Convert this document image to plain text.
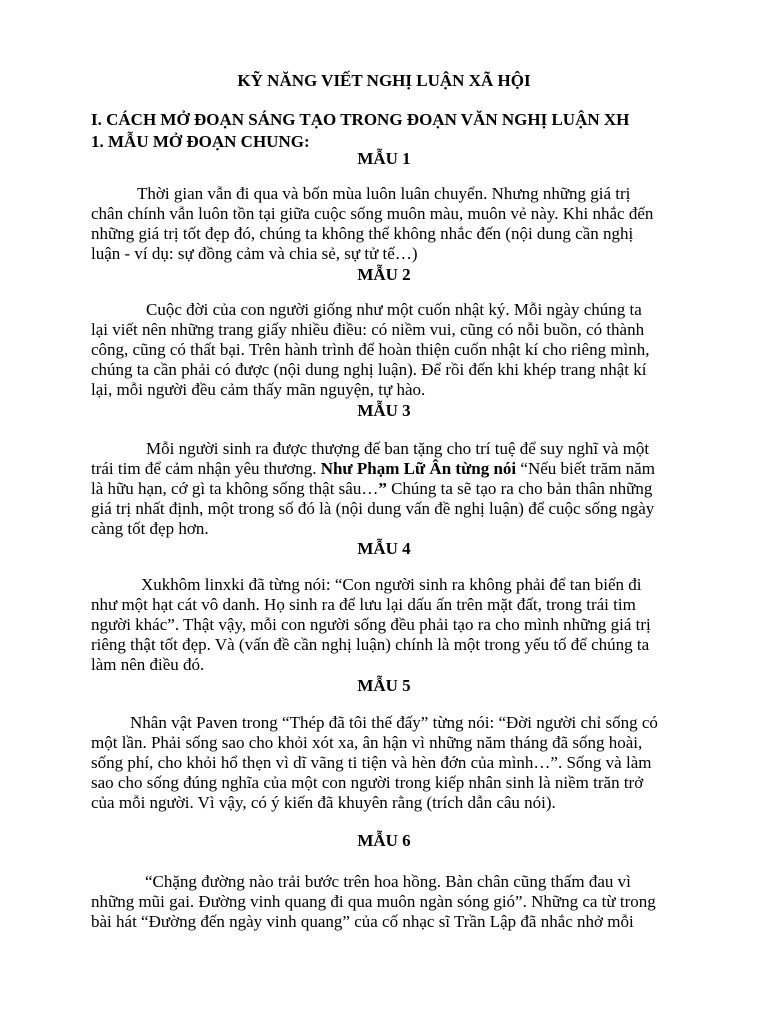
KỸ NĂNG VIẾT NGHỊ LUẬN XÃ HỘI
I. CÁCH MỞ ĐOẠN SÁNG TẠO TRONG ĐOẠN VĂN NGHỊ LUẬN XH
1. MẪU MỞ ĐOẠN CHUNG:
MẪU 1
Thời gian vẫn đi qua và bốn mùa luôn luân chuyển. Nhưng những giá trị
chân chính vẫn luôn tồn tại giữa cuộc sống muôn màu, muôn vẻ này. Khi nhắc đến
những giá trị tốt đẹp đó, chúng ta không thể không nhắc đến (nội dung cần nghị
luận - ví dụ: sự đồng cảm và chia sẻ, sự tử tế…)
MẪU 2
Cuộc đời của con người giống như một cuốn nhật ký. Mỗi ngày chúng ta
lại viết nên những trang giấy nhiều điều: có niềm vui, cũng có nỗi buồn, có thành
công, cũng có thất bại. Trên hành trình để hoàn thiện cuốn nhật kí cho riêng mình,
chúng ta cần phải có được (nội dung nghị luận). Để rồi đến khi khép trang nhật kí
lại, mỗi người đều cảm thấy mãn nguyện, tự hào.
MẪU 3
Mỗi người sinh ra được thượng đế ban tặng cho trí tuệ để suy nghĩ và một
trái tim để cảm nhận yêu thương. Như Phạm Lữ Ân từng nói “Nếu biết trăm năm
là hữu hạn, cớ gì ta không sống thật sâu…” Chúng ta sẽ tạo ra cho bản thân những
giá trị nhất định, một trong số đó là (nội dung vấn đề nghị luận) để cuộc sống ngày
càng tốt đẹp hơn.
MẪU 4
Xukhôm linxki đã từng nói: “Con người sinh ra không phải để tan biến đi
như một hạt cát vô danh. Họ sinh ra để lưu lại dấu ấn trên mặt đất, trong trái tim
người khác”. Thật vậy, mỗi con người sống đều phải tạo ra cho mình những giá trị
riêng thật tốt đẹp. Và (vấn đề cần nghị luận) chính là một trong yếu tố để chúng ta
làm nên điều đó.
MẪU 5
Nhân vật Paven trong “Thép đã tôi thế đấy” từng nói: “Đời người chỉ sống có
một lần. Phải sống sao cho khỏi xót xa, ân hận vì những năm tháng đã sống hoài,
sống phí, cho khỏi hổ thẹn vì dĩ vãng ti tiện và hèn đớn của mình…”. Sống và làm
sao cho sống đúng nghĩa của một con người trong kiếp nhân sinh là niềm trăn trở
của mỗi người. Vì vậy, có ý kiến đã khuyên rằng (trích dẫn câu nói).
MẪU 6
“Chặng đường nào trải bước trên hoa hồng. Bàn chân cũng thấm đau vì
những mũi gai. Đường vinh quang đi qua muôn ngàn sóng gió”. Những ca từ trong
bài hát “Đường đến ngày vinh quang” của cố nhạc sĩ Trần Lập đã nhắc nhở mỗi
